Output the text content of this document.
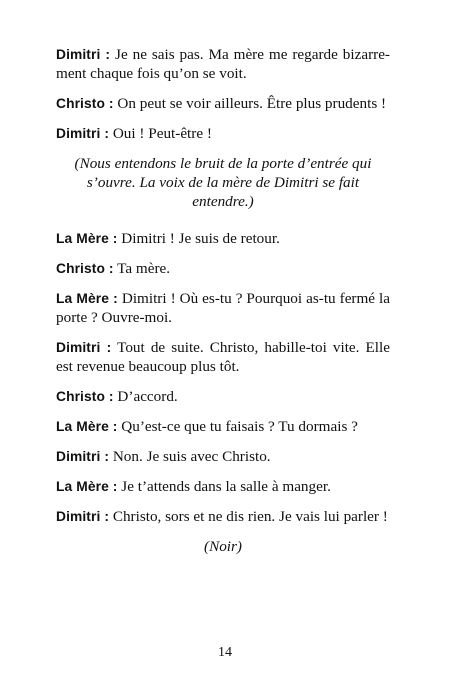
Dimitri : Je ne sais pas. Ma mère me regarde bizarre-ment chaque fois qu’on se voit.

Christo : On peut se voir ailleurs. Être plus prudents !

Dimitri : Oui ! Peut-être !

(Nous entendons le bruit de la porte d’entrée qui s’ouvre. La voix de la mère de Dimitri se fait entendre.)

La Mère : Dimitri ! Je suis de retour.

Christo : Ta mère.

La Mère : Dimitri ! Où es-tu ? Pourquoi as-tu fermé la porte ? Ouvre-moi.

Dimitri : Tout de suite. Christo, habille-toi vite. Elle est revenue beaucoup plus tôt.

Christo : D’accord.

La Mère : Qu’est-ce que tu faisais ? Tu dormais ?

Dimitri : Non. Je suis avec Christo.

La Mère : Je t’attends dans la salle à manger.

Dimitri : Christo, sors et ne dis rien. Je vais lui parler !

(Noir)

14
